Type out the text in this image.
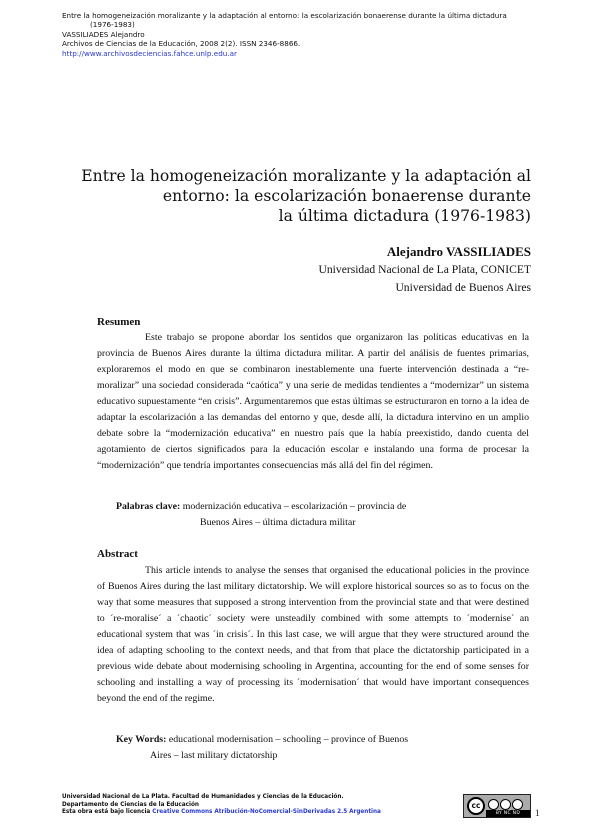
Entre la homogeneización moralizante y la adaptación al entorno: la escolarización bonaerense durante la última dictadura
(1976-1983)
VASSILIADES Alejandro
Archivos de Ciencias de la Educación, 2008 2(2). ISSN 2346-8866.
http://www.archivosdeciencias.fahce.unlp.edu.ar
Entre la homogeneización moralizante y la adaptación al
entorno: la escolarización bonaerense durante
la última dictadura (1976-1983)
Alejandro VASSILIADES
Universidad Nacional de La Plata, CONICET
Universidad de Buenos Aires
Resumen

Este trabajo se propone abordar los sentidos que organizaron las políticas educativas en la provincia de Buenos Aires durante la última dictadura militar. A partir del análisis de fuentes primarias, exploraremos el modo en que se combinaron inestablemente una fuerte intervención destinada a “re-moralizar” una sociedad considerada “caótica” y una serie de medidas tendientes a “modernizar” un sistema educativo supuestamente “en crisis”. Argumentaremos que estas últimas se estructuraron en torno a la idea de adaptar la escolarización a las demandas del entorno y que, desde allí, la dictadura intervino en un amplio debate sobre la “modernización educativa” en nuestro país que la había preexistido, dando cuenta del agotamiento de ciertos significados para la educación escolar e instalando una forma de procesar la “modernización” que tendría importantes consecuencias más allá del fin del régimen.

Palabras clave: modernización educativa – escolarización – provincia de
Buenos Aires – última dictadura militar
Abstract

This article intends to analyse the senses that organised the educational policies in the province of Buenos Aires during the last military dictatorship. We will explore historical sources so as to focus on the way that some measures that supposed a strong intervention from the provincial state and that were destined to ´re-moralise´ a ´chaotic´ society were unsteadily combined with some attempts to ´modernise´ an educational system that was ´in crisis´. In this last case, we will argue that they were structured around the idea of adapting schooling to the context needs, and that from that place the dictatorship participated in a previous wide debate about modernising schooling in Argentina, accounting for the end of some senses for schooling and installing a way of processing its ´modernisation´ that would have important consequences beyond the end of the regime.

Key Words: educational modernisation – schooling – province of Buenos
Aires – last military dictatorship
Universidad Nacional de La Plata. Facultad de Humanidades y Ciencias de la Educación.
Departamento de Ciencias de la Educación
Esta obra está bajo licencia Creative Commons Atribución-NoComercial-SinDerivadas 2.5 Argentina
cc
BY NC ND	1
